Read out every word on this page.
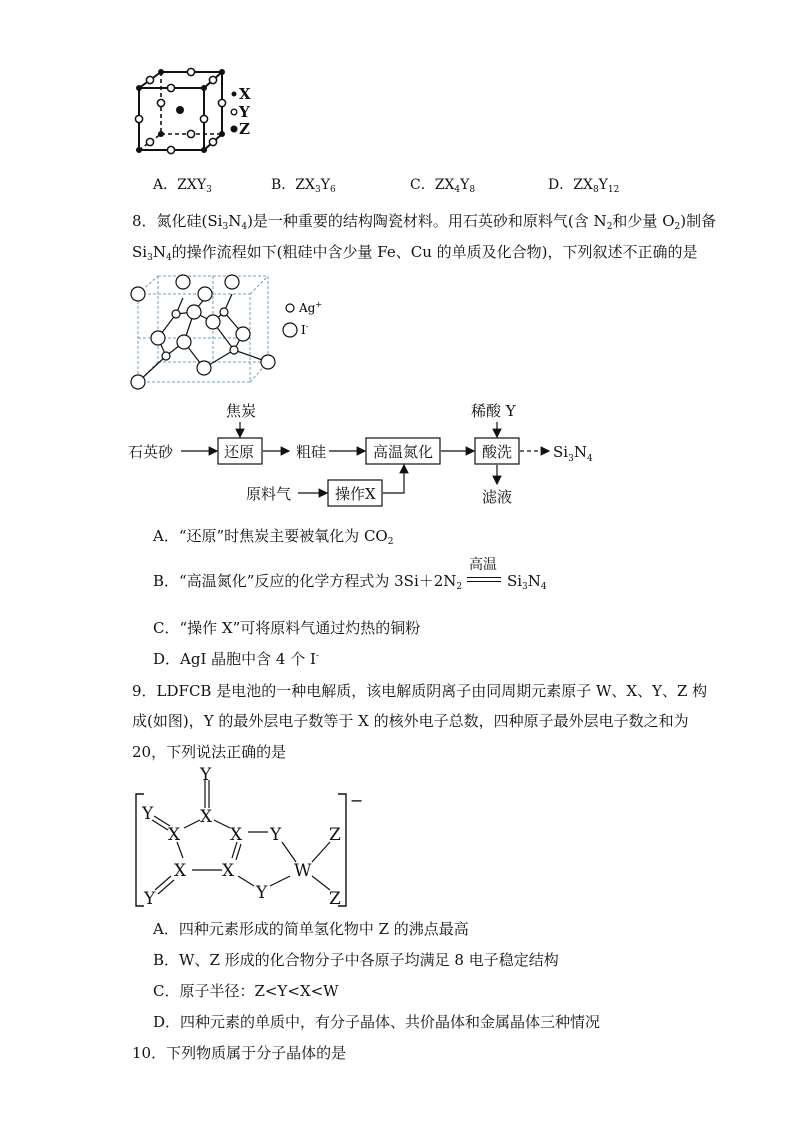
X
Y
Z
A．$ZXY_3$	B．$ZX_3Y_6$	C．$ZX_4Y_8$	D．$ZX_8Y_{12}$
8．氮化硅$(Si_3N_4)$是一种重要的结构陶瓷材料。用石英砂和原料气(含 $N_2$和少量 $O_2$)制备
$Si_3N_4$的操作流程如下(粗硅中含少量 Fe、Cu 的单质及化合物)，下列叙述不正确的是
Ag+
I-
焦炭
石英砂	还原	粗硅	高温氮化
稀酸 Y
酸洗	$Si_3N_4$
原料气	操作X	滤液
A．“还原”时焦炭主要被氧化为 $CO_2$
B．“高温氮化”反应的化学方程式为 $3Si+2N_2$
高温
$Si_3N_4$
C．“操作 X”可将原料气通过灼热的铜粉
D．AgI 晶胞中含 4 个 I-
9．LDFCB 是电池的一种电解质，该电解质阴离子由同周期元素原子 W、X、Y、Z 构
成(如图)，Y 的最外层电子数等于 X 的核外电子总数，四种原子最外层电子数之和为
20，下列说法正确的是
−
Y
X
Y
X	X Y	Z
X X	W
Y	Y	Z
A．四种元素形成的简单氢化物中 Z 的沸点最高
B．W、Z 形成的化合物分子中各原子均满足 8 电子稳定结构
C．原子半径：Z<Y<X<W
D．四种元素的单质中，有分子晶体、共价晶体和金属晶体三种情况
10．下列物质属于分子晶体的是
